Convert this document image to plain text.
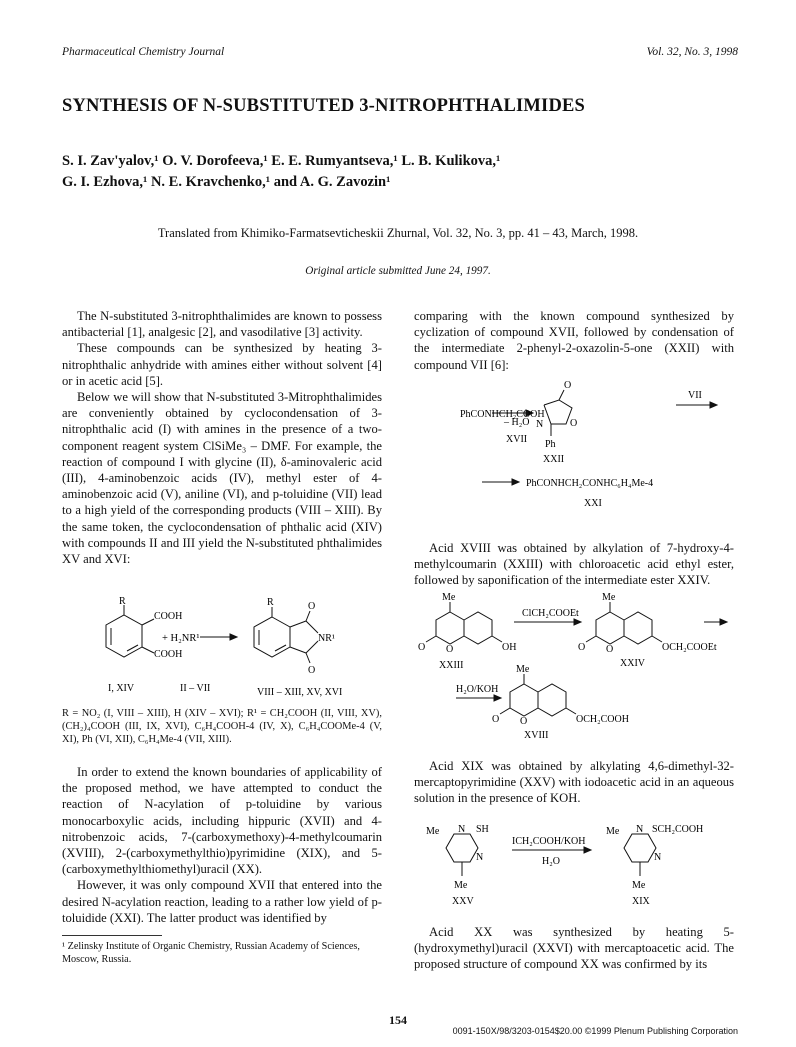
Pharmaceutical Chemistry Journal	Vol. 32, No. 3, 1998
SYNTHESIS OF N-SUBSTITUTED 3-NITROPHTHALIMIDES
S. I. Zav'yalov,¹ O. V. Dorofeeva,¹ E. E. Rumyantseva,¹ L. B. Kulikova,¹
G. I. Ezhova,¹ N. E. Kravchenko,¹ and A. G. Zavozin¹
Translated from Khimiko-Farmatsevticheskii Zhurnal, Vol. 32, No. 3, pp. 41 – 43, March, 1998.
Original article submitted June 24, 1997.

The N-substituted 3-nitrophthalimides are known to possess antibacterial [1], analgesic [2], and vasodilative [3] activity.

These compounds can be synthesized by heating 3-nitrophthalic anhydride with amines either without solvent [4] or in acetic acid [5].

Below we will show that N-substituted 3-Mitrophthalimides are conveniently obtained by cyclocondensation of 3-nitrophthalic acid (I) with amines in the presence of a two-component reagent system ClSiMe₃ – DMF. For example, the reaction of compound I with glycine (II), δ-aminovaleric acid (III), 4-aminobenzoic acids (IV), methyl ester of 4-aminobenzoic acid (V), aniline (VI), and p-toluidine (VII) lead to a high yield of the corresponding products (VIII – XIII). By the same token, the cyclocondensation of phthalic acid (XIV) with compounds II and III yield the N-substituted phthalimides XV and XVI:

R
COOH
COOH
+ H₂NR¹
R	O
NR¹
O
I, XIV	II – VII	VIII – XIII, XV, XVI
R = NO₂ (I, VIII – XIII), H (XIV – XVI); R¹ = CH₂COOH (II, VIII, XV), (CH₂)₄COOH (III, IX, XVI), C₆H₄COOH-4 (IV, X), C₆H₄COOMe-4 (V, XI), Ph (VI, XII), C₆H₄Me-4 (VII, XIII).

In order to extend the known boundaries of applicability of the proposed method, we have attempted to conduct the reaction of N-acylation of p-toluidine by various monocarboxylic acids, including hippuric (XVII) and 4-nitrobenzoic acids, 7-(carboxymethoxy)-4-methylcoumarin (XVIII), 2-(carboxymethylthio)pyrimidine (XIX), and 5-(carboxymethylthiomethyl)uracil (XX).

However, it was only compound XVII that entered into the desired N-acylation reaction, leading to a rather low yield of p-toluidide (XXI). The latter product was identified by

¹ Zelinsky Institute of Organic Chemistry, Russian Academy of Sciences, Moscow, Russia.

comparing with the known compound synthesized by cyclization of compound XVII, followed by condensation of the intermediate 2-phenyl-2-oxazolin-5-one (XXII) with compound VII [6]:

PhCONHCH₂COOH
– H₂O
XVII
O
N	O
Ph
XXII
VII
PhCONHCH₂CONHC₆H₄Me-4
XXI

Acid XVIII was obtained by alkylation of 7-hydroxy-4-methylcoumarin (XXIII) with chloroacetic acid ethyl ester, followed by saponification of the intermediate ester XXIV.

Me
O O	OH
XXIII
ClCH₂COOEt
Me
O O	OCH₂COOEt
XXIV
H₂O/KOH
Me
O O	OCH₂COOH
XVIII

Acid XIX was obtained by alkylating 4,6-dimethyl-32-mercaptopyrimidine (XXV) with iodoacetic acid in an aqueous solution in the presence of KOH.

Me N SH
N
Me
XXV
ICH₂COOH/KOH
H₂O
Me N SCH₂COOH
N
Me
XIX

Acid XX was synthesized by heating 5-(hydroxymethyl)uracil (XXVI) with mercaptoacetic acid. The proposed structure of compound XX was confirmed by its

154
0091-150X/98/3203-0154$20.00 ©1999 Plenum Publishing Corporation
